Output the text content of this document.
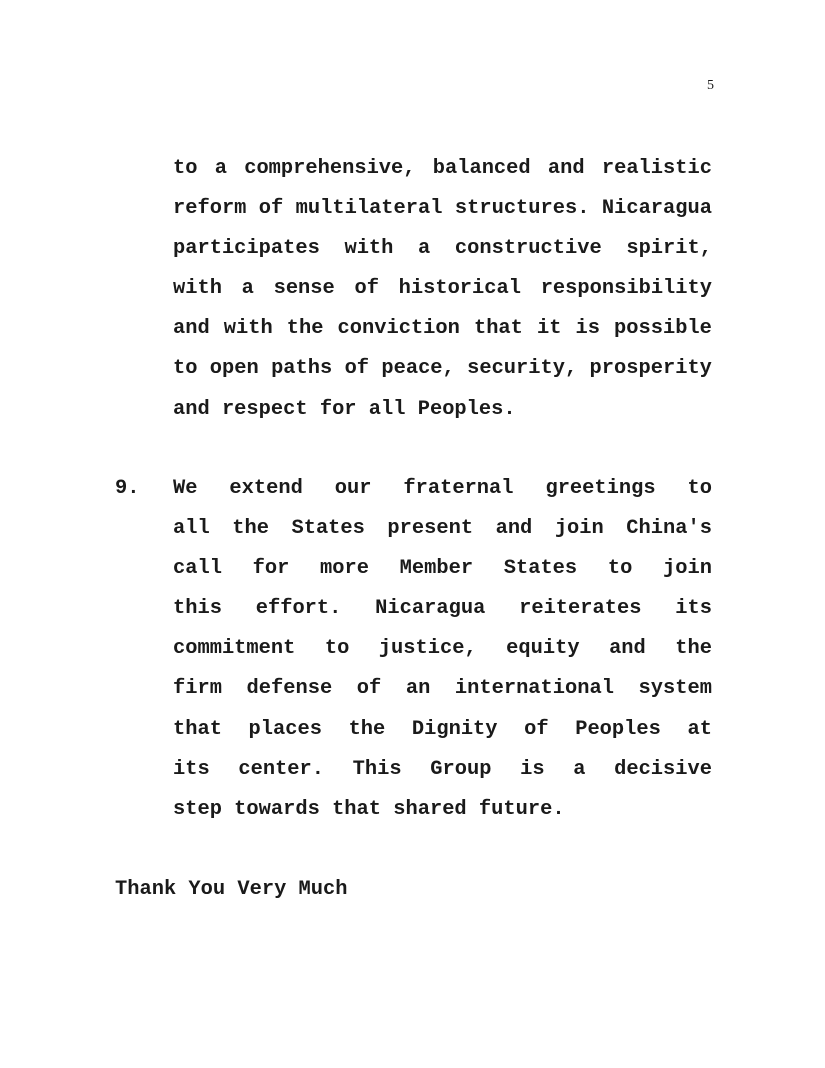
5
to a comprehensive, balanced and realistic
reform of multilateral structures. Nicaragua
participates with a constructive spirit,
with a sense of historical responsibility
and with the conviction that it is possible
to open paths of peace, security, prosperity
and respect for all Peoples.
9. We extend our fraternal greetings to
all the States present and join China's
call for more Member States to join
this effort. Nicaragua reiterates its
commitment to justice, equity and the
firm defense of an international system
that places the Dignity of Peoples at
its center. This Group is a decisive
step towards that shared future.
Thank You Very Much
